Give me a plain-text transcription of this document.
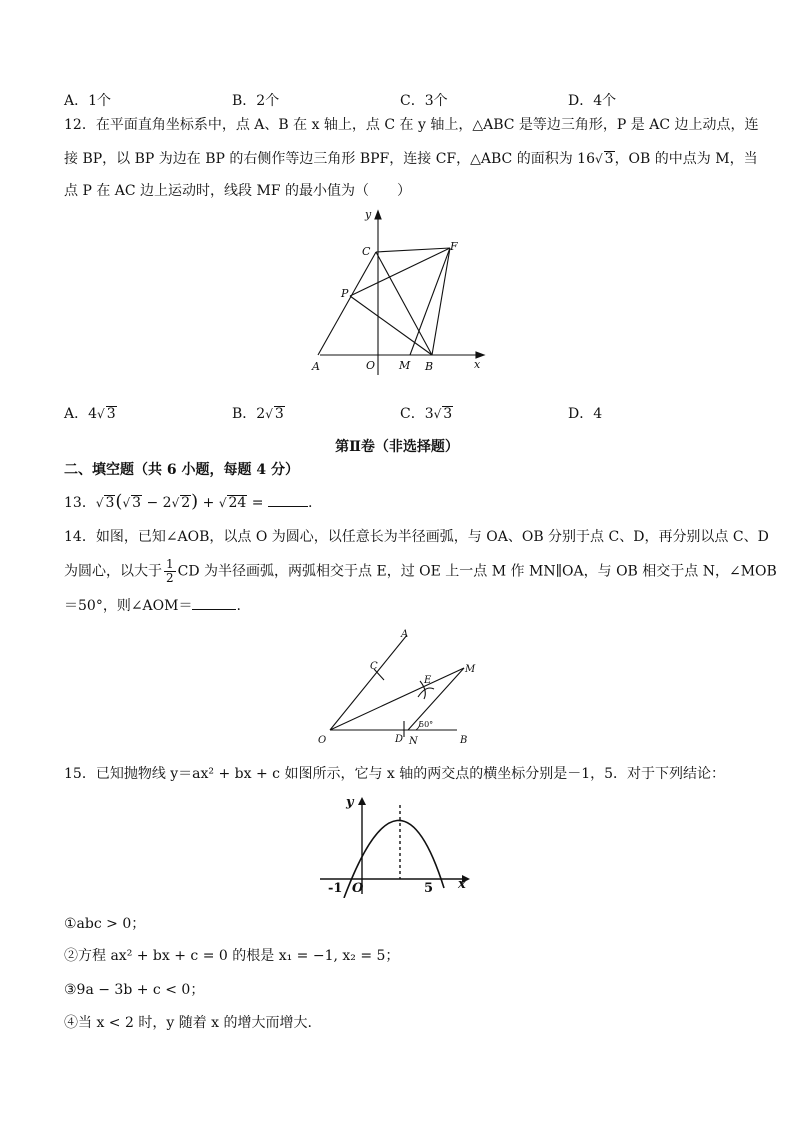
A．1个	B．2个	C．3个	D．4个
12．在平面直角坐标系中，点 A、B 在 x 轴上，点 C 在 y 轴上，△ABC 是等边三角形，P 是 AC 边上动点，连
接 BP，以 BP 为边在 BP 的右侧作等边三角形 BPF，连接 CF，△ABC 的面积为 16√ 3，OB 的中点为 M，当
点 P 在 AC 边上运动时，线段 MF 的最小值为（　　）
y
x
C	F
P
A	O M B
A．4√ 3	B．2√ 3	C．3√ 3	D．4
第Ⅱ卷（非选择题）
二、填空题（共 6 小题，每题 4 分）
13．√ 3(√ 3 − 2√ 2) + √ 24 =	.
14．如图，已知∠AOB，以点 O 为圆心，以任意长为半径画弧，与 OA、OB 分别于点 C、D，再分别以点 C、D
为圆心，以大于 $\frac{1}{2}$ CD 为半径画弧，两弧相交于点 E，过 OE 上一点 M 作 MN∥OA，与 OB 相交于点 N，∠MOB
＝50°，则∠AOM＝	.
A
C	M
E
O	D N	B
50°
15．已知抛物线 y＝ax² + bx + c 如图所示，它与 x 轴的两交点的横坐标分别是－1，5．对于下列结论：
y
x
-1 O	5
①abc > 0；
②方程 ax² + bx + c = 0 的根是 x₁ = −1, x₂ = 5；
③9a − 3b + c < 0；
④当 x < 2 时，y 随着 x 的增大而增大.
